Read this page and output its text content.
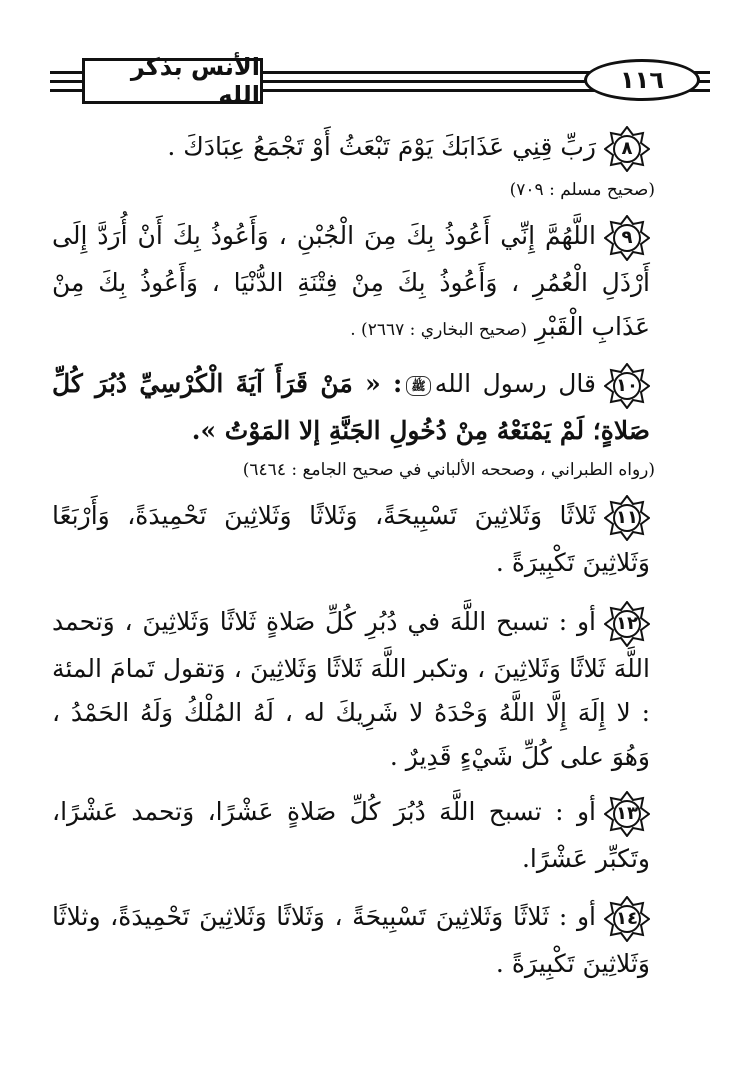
الأنس بذكر الله
١١٦
٨
رَبِّ قِنِي عَذَابَكَ يَوْمَ تَبْعَثُ أَوْ تَجْمَعُ عِبَادَكَ .
(صحيح مسلم : ٧٠٩)
٩
اللَّهُمَّ إِنِّي أَعُوذُ بِكَ مِنَ الْجُبْنِ ، وَأَعُوذُ بِكَ أَنْ أُرَدَّ إِلَى أَرْذَلِ الْعُمُرِ ، وَأَعُوذُ بِكَ مِنْ فِتْنَةِ الدُّنْيَا ، وَأَعُوذُ بِكَ مِنْ عَذَابِ الْقَبْرِ (صحيح البخاري : ٢٦٦٧) .
١٠
قال رسول اللهﷺ: « مَنْ قَرَأَ آيَةَ الْكُرْسِيِّ دُبُرَ كُلِّ صَلاةٍ؛ لَمْ يَمْنَعْهُ مِنْ دُخُولِ الجَنَّةِ إلا المَوْتُ ».
(رواه الطبراني ، وصححه الألباني في صحيح الجامع : ٦٤٦٤)
١١
ثَلاثًا وَثَلاثِينَ تَسْبِيحَةً، وَثَلاثًا وَثَلاثِينَ تَحْمِيدَةً، وَأَرْبَعًا وَثَلاثِينَ تَكْبِيرَةً .
١٢
أو : تسبح اللَّهَ في دُبُرِ كُلِّ صَلاةٍ ثَلاثًا وَثَلاثِينَ ، وَتحمد اللَّهَ ثَلاثًا وَثَلاثِينَ ، وتكبر اللَّهَ ثَلاثًا وَثَلاثِينَ ، وَتقول تَمامَ المئة : لا إِلَهَ إِلَّا اللَّهُ وَحْدَهُ لا شَرِيكَ له ، لَهُ المُلْكُ وَلَهُ الحَمْدُ ، وَهُوَ على كُلِّ شَيْءٍ قَدِيرٌ .
١٣
أو : تسبح اللَّهَ دُبُرَ كُلِّ صَلاةٍ عَشْرًا، وَتحمد عَشْرًا، وتَكبِّر عَشْرًا.
١٤
أو : ثَلاثًا وَثَلاثِينَ تَسْبِيحَةً ، وَثَلاثًا وَثَلاثِينَ تَحْمِيدَةً، وثلاثًا وَثَلاثِينَ تَكْبِيرَةً .
